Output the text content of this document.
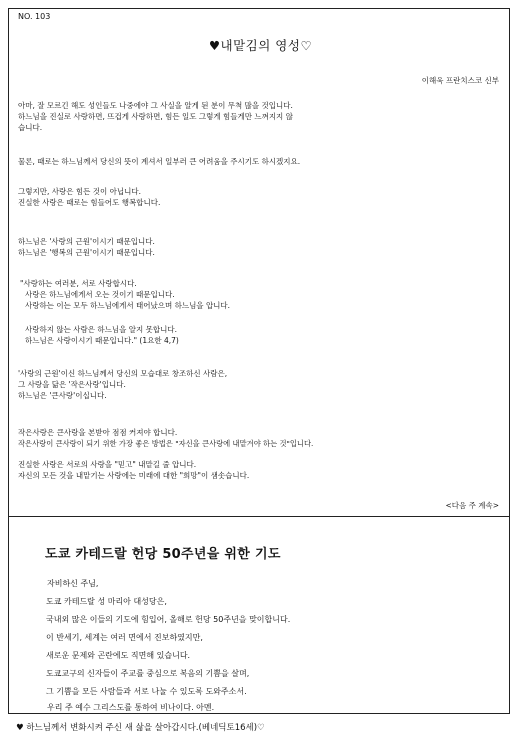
NO. 103
♥내맡김의 영성♡
이해욱 프란치스코 신부
아마, 잘 모르긴 해도 성인들도 나중에야 그 사실을 알게 된 분이 무척 많을 것입니다.
하느님을 진실로 사랑하면, 뜨겁게 사랑하면, 힘든 일도 그렇게 힘들게만 느껴지지 않
습니다.
물론, 때로는 하느님께서 당신의 뜻이 계셔서 일부러 큰 어려움을 주시기도 하시겠지요.
그렇지만, 사랑은 힘든 것이 아닙니다.
진실한 사랑은 때로는 힘들어도 행복합니다.
하느님은 '사랑의 근원'이시기 때문입니다.
하느님은 '행복의 근원'이시기 때문입니다.
"사랑하는 여러분, 서로 사랑합시다.
사랑은 하느님에게서 오는 것이기 때문입니다.
사랑하는 이는 모두 하느님에게서 태어났으며 하느님을 압니다.
사랑하지 않는 사람은 하느님을 알지 못합니다.
하느님은 사랑이시기 때문입니다." (1요한 4,7)
'사랑의 근원'이신 하느님께서 당신의 모습대로 창조하신 사람은,
그 사랑을 닮은 '작은사랑'입니다.
하느님은 '큰사랑'이십니다.
작은사랑은 큰사랑을 본받아 점점 커져야 합니다.
작은사랑이 큰사랑이 되기 위한 가장 좋은 방법은 "자신을 큰사랑에 내맡겨야 하는 것"입니다.
진실한 사랑은 서로의 사랑을 "믿고" 내맡길 줄 압니다.
자신의 모든 것을 내맡기는 사랑에는 미래에 대한 "희망"이 샘솟습니다.
<다음 주 계속>
도쿄 카테드랄 헌당 50주년을 위한 기도
자비하신 주님,
도쿄 카테드랄 성 마리아 대성당은,
국내외 많은 이들의 기도에 힘입어, 올해로 헌당 50주년을 맞이합니다.
이 반세기, 세계는 여러 면에서 진보하였지만,
새로운 문제와 곤란에도 직면해 있습니다.
도쿄교구의 신자들이 주교를 중심으로 복음의 기쁨을 살며,
그 기쁨을 모든 사람들과 서로 나눌 수 있도록 도와주소서.
우리 주 예수 그리스도를 통하여 비나이다. 아멘.
♥ 하느님께서 변화시켜 주신 새 삶을 살아갑시다.(베네딕토16세)♡
